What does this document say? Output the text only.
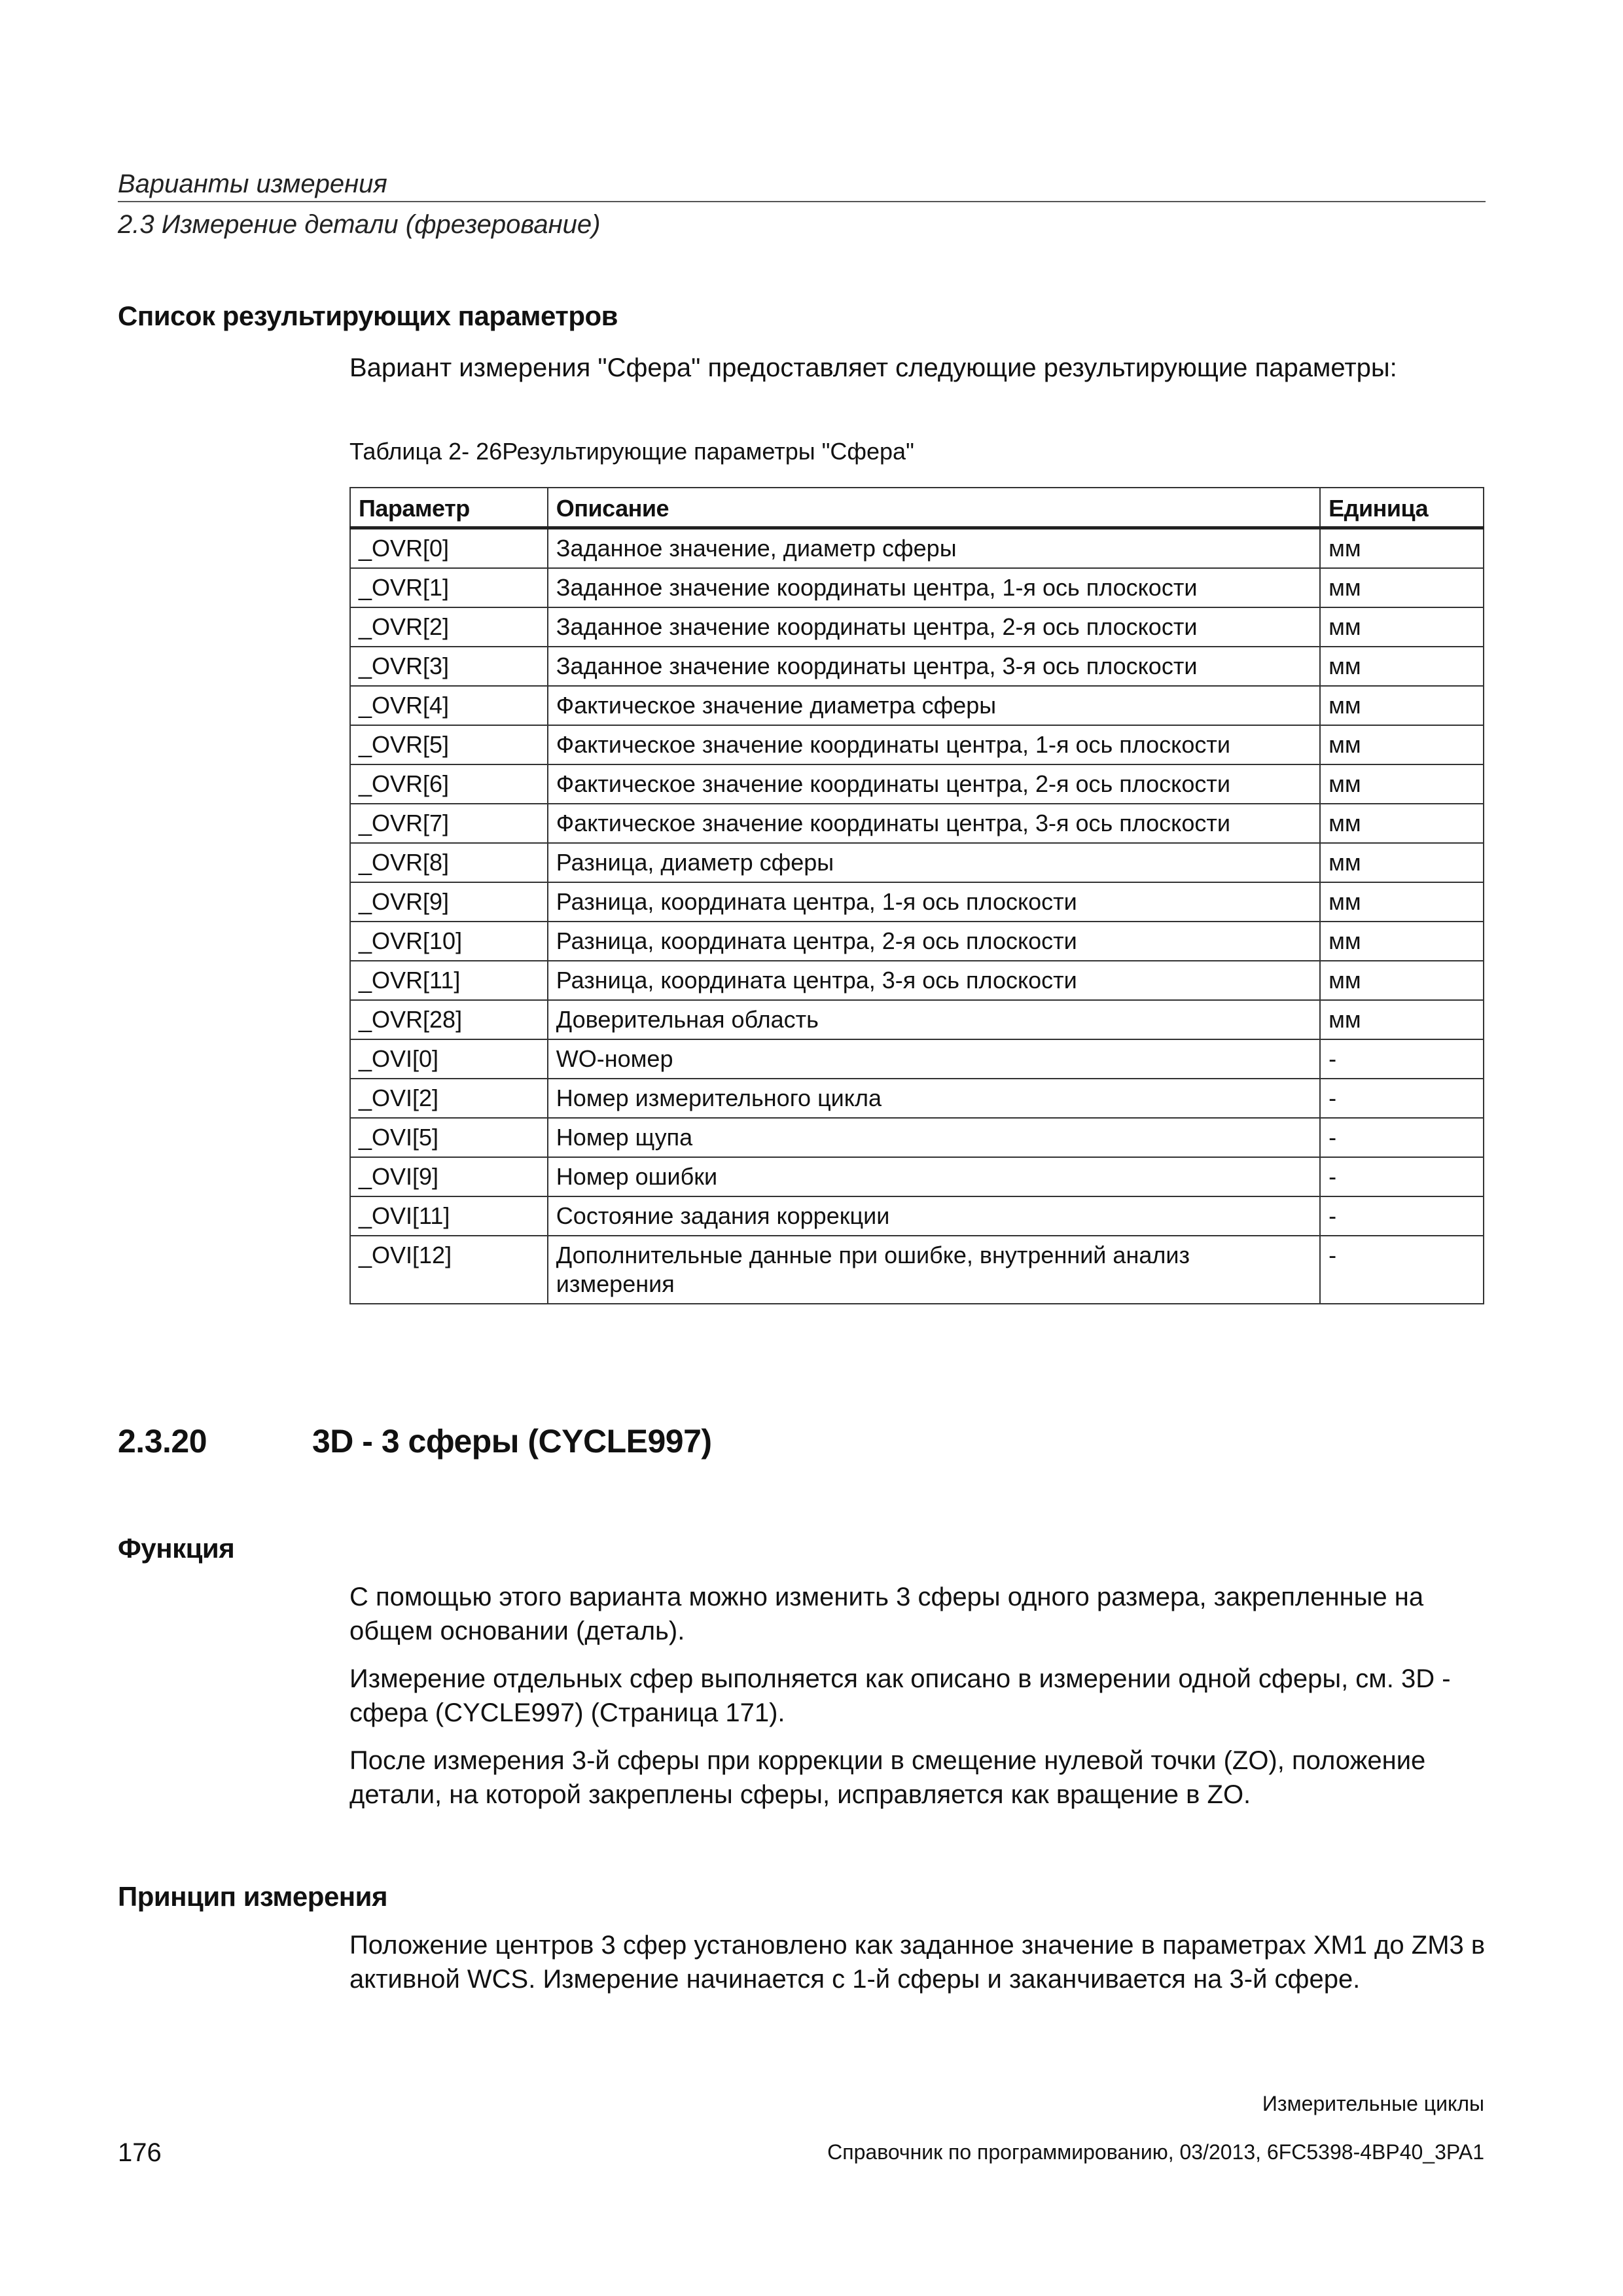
Варианты измерения
2.3 Измерение детали (фрезерование)
Список результирующих параметров
Вариант измерения "Сфера" предоставляет следующие результирующие параметры:
Таблица 2- 26Результирующие параметры "Сфера"
Параметр	Описание	Единица
_OVR[0]	Заданное значение, диаметр сферы	мм
_OVR[1]	Заданное значение координаты центра, 1-я ось плоскости	мм
_OVR[2]	Заданное значение координаты центра, 2-я ось плоскости	мм
_OVR[3]	Заданное значение координаты центра, 3-я ось плоскости	мм
_OVR[4]	Фактическое значение диаметра сферы	мм
_OVR[5]	Фактическое значение координаты центра, 1-я ось плоскости	мм
_OVR[6]	Фактическое значение координаты центра, 2-я ось плоскости	мм
_OVR[7]	Фактическое значение координаты центра, 3-я ось плоскости	мм
_OVR[8]	Разница, диаметр сферы	мм
_OVR[9]	Разница, координата центра, 1-я ось плоскости	мм
_OVR[10]	Разница, координата центра, 2-я ось плоскости	мм
_OVR[11]	Разница, координата центра, 3-я ось плоскости	мм
_OVR[28]	Доверительная область	мм
_OVI[0]	WO-номер	-
_OVI[2]	Номер измерительного цикла	-
_OVI[5]	Номер щупа	-
_OVI[9]	Номер ошибки	-
_OVI[11]	Состояние задания коррекции	-
_OVI[12]	Дополнительные данные при ошибке, внутренний анализ измерения	-
2.3.20	3D - 3 сферы (CYCLE997)
Функция

С помощью этого варианта можно изменить 3 сферы одного размера, закрепленные на общем основании (деталь).

Измерение отдельных сфер выполняется как описано в измерении одной сферы, см. 3D - сфера (CYCLE997) (Страница 171).

После измерения 3-й сферы при коррекции в смещение нулевой точки (ZO), положение детали, на которой закреплены сферы, исправляется как вращение в ZO.

Принцип измерения

Положение центров 3 сфер установлено как заданное значение в параметрах XM1 до ZM3 в активной WCS. Измерение начинается с 1-й сферы и заканчивается на 3-й сфере.

Измерительные циклы
176	Справочник по программированию, 03/2013, 6FC5398-4BP40_3PA1
